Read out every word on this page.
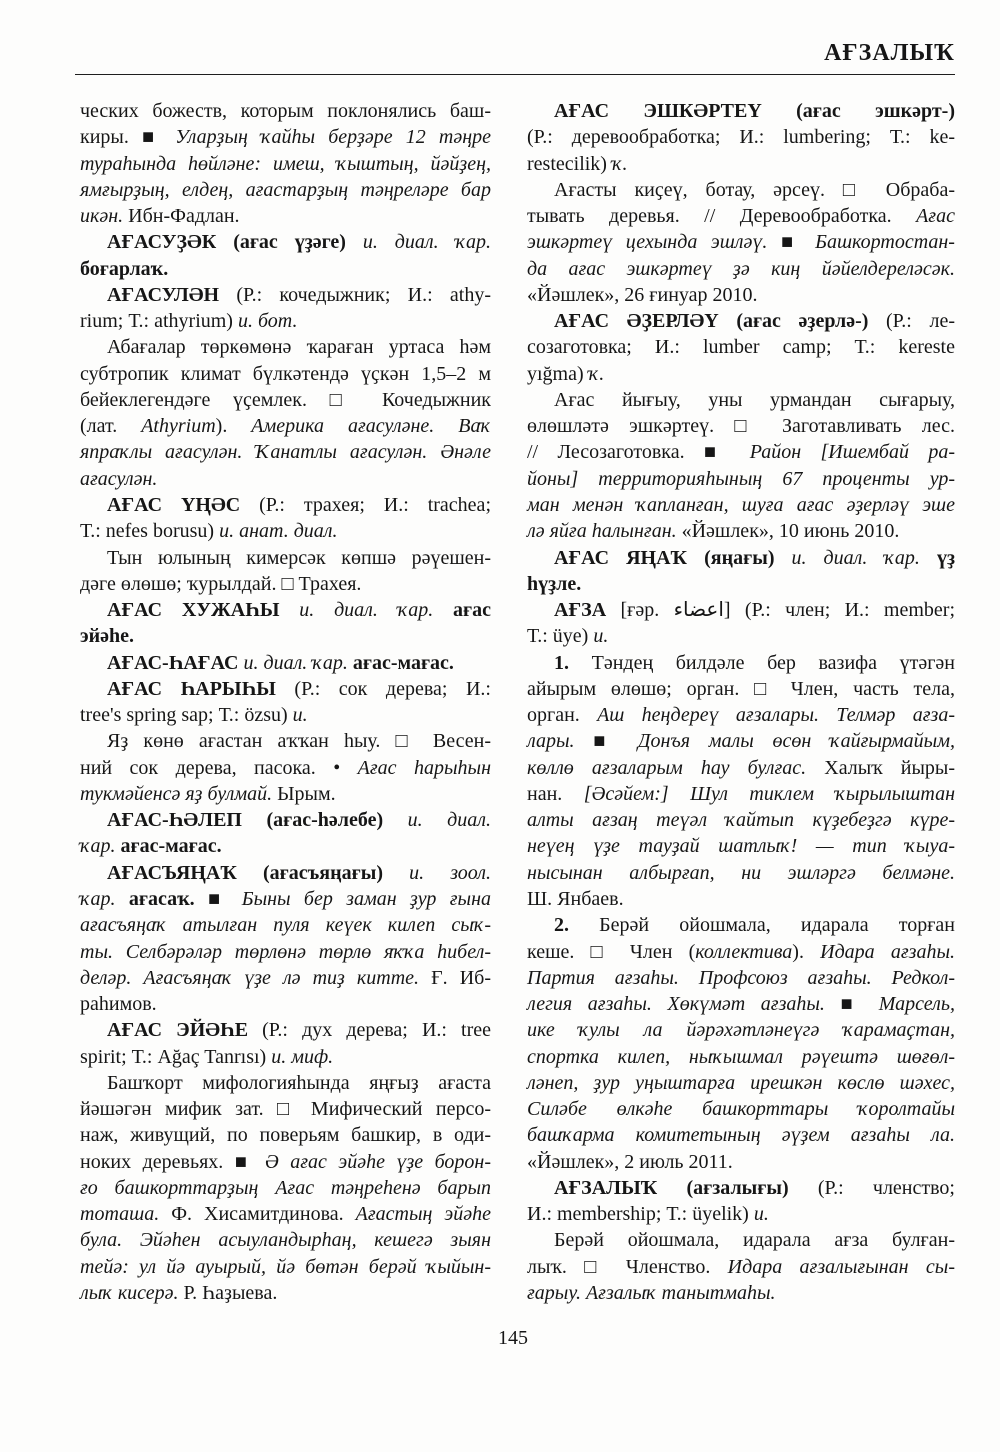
АҒЗАЛЫҠ
ческих божеств, которым поклонялись баш-
киры. ■ Уларҙың ҡайһы берҙәре 12 тәңре
тураһында һөйләне: имеш, ҡыштың, йәйҙең,
ямғырҙың, елдең, ағастарҙың тәңреләре бар
икән. Ибн-Фадлан.
АҒАСУҘӘК (ағас үҙәге) и. диал. ҡар.
боғарлаҡ.
АҒАСУЛӘН (Р.: кочедыжник; И.: athy-
rium; Т.: athyrium) и. бот.
Абағалар төркөмөнә ҡараған уртаса һәм
субтропик климат бүлкәтендә үҫкән 1,5–2 м
бейеклегендәге үҫемлек. □ Кочедыжник
(лат. Athyrium). Америка ағасуләне. Ваҡ
япраҡлы ағасулән. Ҡанатлы ағасулән. Әнәле
ағасулән.
АҒАС ҮҢӘС (Р.: трахея; И.: trachea;
Т.: nefes borusu) и. анат. диал.
Тын юлының кимерсәк көпшә рәүешен-
дәге өлөшө; ҡурылдай. □ Трахея.
АҒАС ХУЖАҺЫ и. диал. ҡар. ағас
эйәһе.
АҒАС-ҺАҒАС и. диал. ҡар. ағас-мағас.
АҒАС ҺАРЫҺЫ (Р.: сок дерева; И.:
tree's spring sap; Т.: özsu) и.
Яҙ көнө ағастан аҡҡан һыу. □ Весен-
ний сок дерева, пасока. • Ағас һарыһын
тукмәйенсә яҙ булмай. Ырым.
АҒАС-ҺӘЛЕП (ағас-һәлебе) и. диал.
ҡар. ағас-мағас.
АҒАСЪЯҢАҠ (ағасъяңағы) и. зоол.
ҡар. ағасаҡ. ■ Быны бер заман ҙур ғына
ағасъяңаҡ атылған пуля кеүек килеп сыҡ-
ты. Селбәрәләр төрлөнә төрлө яҡҡа һибел-
деләр. Ағасъяңаҡ үҙе лә тиҙ китте. Ғ. Иб-
раһимов.
АҒАС ЭЙӘҺЕ (Р.: дух дерева; И.: tree
spirit; Т.: Ağaç Tanrısı) и. миф.
Башҡорт мифологияһында яңғыҙ ағаста
йәшәгән мифик зат. □ Мифический персо-
наж, живущий, по поверьям башкир, в оди-
ноких деревьях. ■ Ә ағас эйәһе үҙе борон-
ғо башкорттарҙың Ағас тәңреһенә барып
тоташа. Ф. Хисамитдинова. Ағастың эйәһе
була. Эйәһен асыуландырһаң, кешегә зыян
тейә: ул йә ауырый, йә бөтән берәй ҡыйын-
лыҡ кисерә. Р. Һаҙыева.
АҒАС ЭШКӘРТЕҮ (ағас эшкәрт-)
(Р.: деревообработка; И.: lumbering; Т.: ke-
restecilik) ҡ.
Ағасты киҫеү, ботау, әрсеү. □ Обраба-
тывать деревья. // Деревообработка. Ағас
эшкәртеү цехында эшләү. ■ Башкортостан-
да ағас эшкәртеү ҙә киң йәйелдереләсәк.
«Йәшлек», 26 ғинуар 2010.
АҒАС ӘҘЕРЛӘҮ (ағас әҙерлә-) (Р.: ле-
созаготовка; И.: lumber camp; Т.: kereste
yığma) ҡ.
Ағас йығыу, уны урмандан сығарыу,
өлөшләтә эшкәртеү. □ Заготавливать лес.
// Лесозаготовка. ■ Район [Ишембай ра-
йоны] территорияһының 67 проценты ур-
ман менән ҡапланған, шуға ағас әҙерләү эше
лә яйға һалынған. «Йәшлек», 10 июнь 2010.
АҒАС ЯҢАҠ (яңағы) и. диал. ҡар. үҙ
һүҙле.
АҒЗА [ғәр. اعضاء] (Р.: член; И.: member;
Т.: üye) и.
1. Тәндең билдәле бер вазифа үтәгән
айырым өлөшө; орган. □ Член, часть тела,
орган. Аш һеңдереү ағзалары. Телмәр ағза-
лары. ■ Донъя малы өсөн ҡайғырмайым,
көллө ағзаларым һау булғас. Халыҡ йыры-
нан. [Әсәйем:] Шул тиклем ҡырылыштан
алты ағзаң теүәл ҡайтып күҙебеҙгә күре-
неүең үҙе тауҙай шатлыҡ! — тип ҡыуа-
нысынан албырғап, ни эшләргә белмәне.
Ш. Янбаев.
2. Берәй ойошмала, идарала торған
кеше. □ Член (коллектива). Идара ағзаһы.
Партия ағзаһы. Профсоюз ағзаһы. Редкол-
легия ағзаһы. Хөкүмәт ағзаһы. ■ Марсель,
ике ҡулы ла йәрәхәтләнеүгә ҡарамаҫтан,
спортка килеп, ныҡышмал рәүештә шөғөл-
ләнеп, ҙур уңыштарға ирешкән көслө шәхес,
Силәбе өлкәһе башкорттары ҡоролтайы
башҡарма комитетының әүҙем ағзаһы ла.
«Йәшлек», 2 июль 2011.
АҒЗАЛЫҠ (ағзалығы) (Р.: членство;
И.: membership; Т.: üyelik) и.
Берәй ойошмала, идарала ағза булған-
лыҡ. □ Членство. Идара ағзалығынан сы-
ғарыу. Ағзалыҡ танытмаһы.
145
